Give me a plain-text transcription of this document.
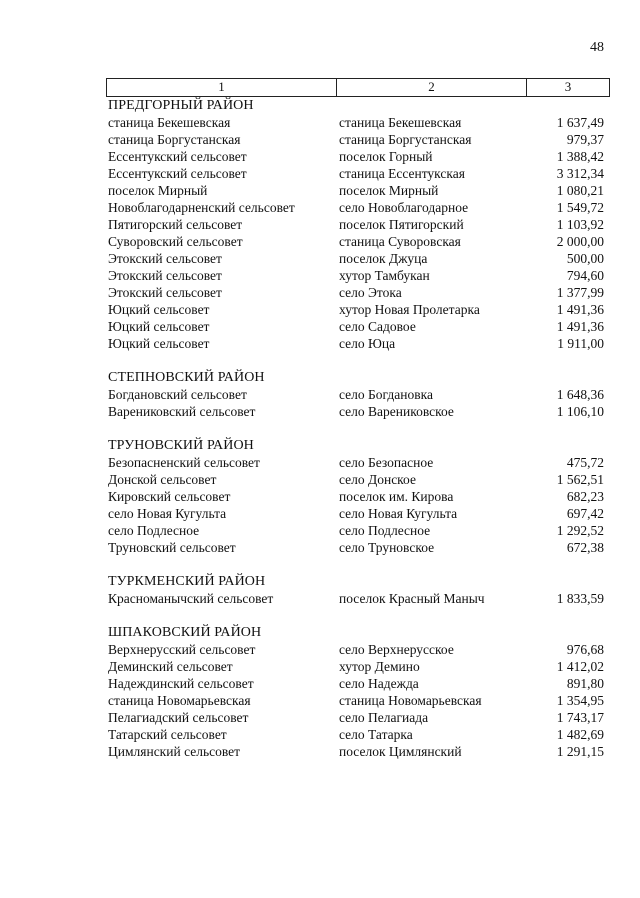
48
1	2	3
ПРЕДГОРНЫЙ РАЙОН
станица Бекешевская	станица Бекешевская	1 637,49
станица Боргустанская	станица Боргустанская	979,37
Ессентукский сельсовет	поселок Горный	1 388,42
Ессентукский сельсовет	станица Ессентукская	3 312,34
поселок Мирный	поселок Мирный	1 080,21
Новоблагодарненский сельсовет	село Новоблагодарное	1 549,72
Пятигорский сельсовет	поселок Пятигорский	1 103,92
Суворовский сельсовет	станица Суворовская	2 000,00
Этокский сельсовет	поселок Джуца	500,00
Этокский сельсовет	хутор Тамбукан	794,60
Этокский сельсовет	село Этока	1 377,99
Юцкий сельсовет	хутор Новая Пролетарка	1 491,36
Юцкий сельсовет	село Садовое	1 491,36
Юцкий сельсовет	село Юца	1 911,00
СТЕПНОВСКИЙ РАЙОН
Богдановский сельсовет	село Богдановка	1 648,36
Варениковский сельсовет	село Варениковское	1 106,10
ТРУНОВСКИЙ РАЙОН
Безопасненский сельсовет	село Безопасное	475,72
Донской сельсовет	село Донское	1 562,51
Кировский сельсовет	поселок им. Кирова	682,23
село Новая Кугульта	село Новая Кугульта	697,42
село Подлесное	село Подлесное	1 292,52
Труновский сельсовет	село Труновское	672,38
ТУРКМЕНСКИЙ РАЙОН
Красноманычский сельсовет	поселок Красный Маныч	1 833,59
ШПАКОВСКИЙ РАЙОН
Верхнерусский сельсовет	село Верхнерусское	976,68
Деминский сельсовет	хутор Демино	1 412,02
Надеждинский сельсовет	село Надежда	891,80
станица Новомарьевская	станица Новомарьевская	1 354,95
Пелагиадский сельсовет	село Пелагиада	1 743,17
Татарский сельсовет	село Татарка	1 482,69
Цимлянский сельсовет	поселок Цимлянский	1 291,15
